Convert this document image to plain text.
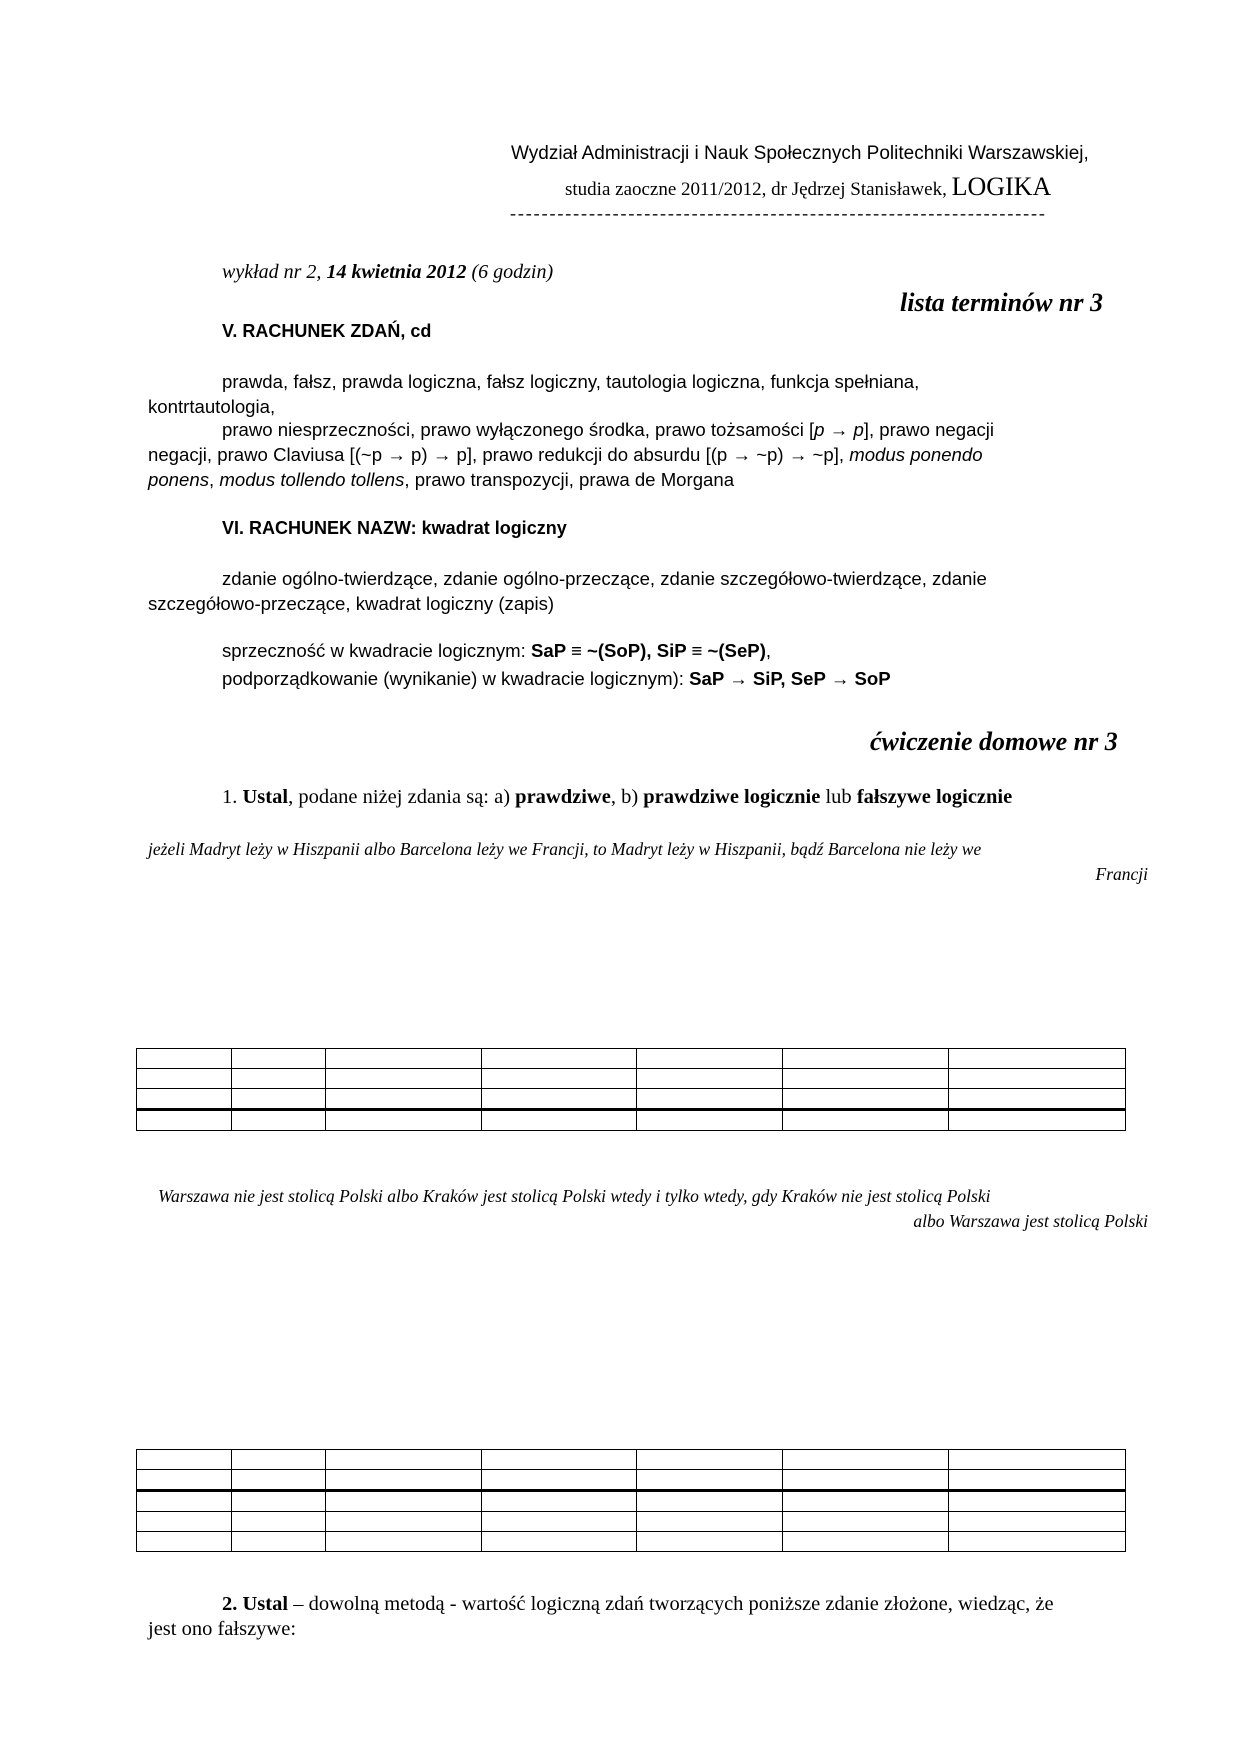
Wydział Administracji i Nauk Społecznych Politechniki Warszawskiej,
studia zaoczne 2011/2012, dr Jędrzej Stanisławek, LOGIKA
--------------------------------------------------------------------
wykład nr 2, 14 kwietnia 2012 (6 godzin)
lista terminów nr 3
V. RACHUNEK ZDAŃ, cd
prawda, fałsz, prawda logiczna, fałsz logiczny, tautologia logiczna, funkcja spełniana,
kontrtautologia,
prawo niesprzeczności, prawo wyłączonego środka, prawo tożsamości [p → p], prawo negacji
negacji, prawo Claviusa [(~p → p) → p], prawo redukcji do absurdu [(p → ~p) → ~p], modus ponendo
ponens, modus tollendo tollens, prawo transpozycji, prawa de Morgana
VI. RACHUNEK NAZW: kwadrat logiczny
zdanie ogólno-twierdzące, zdanie ogólno-przeczące, zdanie szczegółowo-twierdzące, zdanie
szczegółowo-przeczące, kwadrat logiczny (zapis)
sprzeczność w kwadracie logicznym: SaP ≡ ~(SoP), SiP ≡ ~(SeP),
podporządkowanie (wynikanie) w kwadracie logicznym): SaP → SiP, SeP → SoP
ćwiczenie domowe nr 3
1. Ustal, podane niżej zdania są: a) prawdziwe, b) prawdziwe logicznie lub fałszywe logicznie
jeżeli Madryt leży w Hiszpanii albo Barcelona leży we Francji, to Madryt leży w Hiszpanii, bądź Barcelona nie leży we
Francji

Warszawa nie jest stolicą Polski albo Kraków jest stolicą Polski wtedy i tylko wtedy, gdy Kraków nie jest stolicą Polski
albo Warszawa jest stolicą Polski

2. Ustal – dowolną metodą - wartość logiczną zdań tworzących poniższe zdanie złożone, wiedząc, że
jest ono fałszywe:
